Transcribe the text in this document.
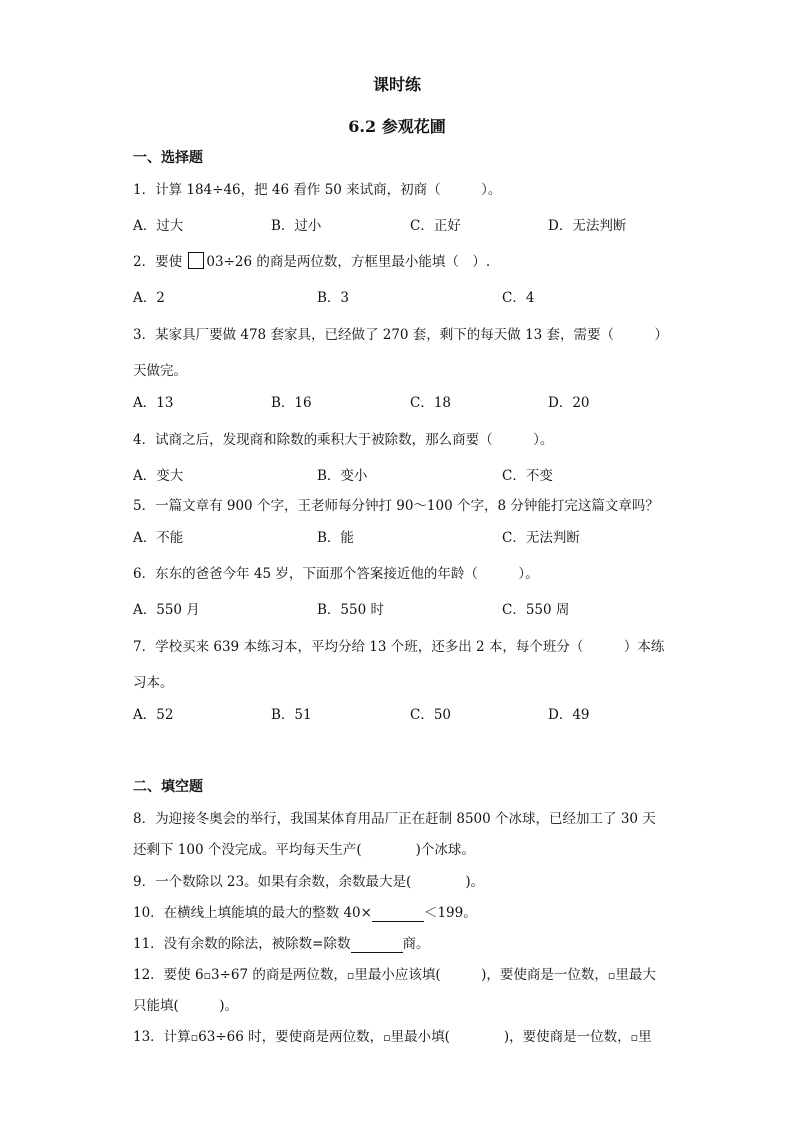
课时练
6.2 参观花圃
一、选择题
1．计算 184÷46，把 46 看作 50 来试商，初商（　　　）。
A．过大	B．过小	C．正好	D．无法判断
2．要使 03÷26 的商是两位数，方框里最小能填（　）.
A．2	B．3	C．4
3．某家具厂要做 478 套家具，已经做了 270 套，剩下的每天做 13 套，需要（　　　）
天做完。
A．13	B．16	C．18	D．20
4．试商之后，发现商和除数的乘积大于被除数，那么商要（　　　）。
A．变大	B．变小	C．不变
5．一篇文章有 900 个字，王老师每分钟打 90～100 个字，8 分钟能打完这篇文章吗？
A．不能	B．能	C．无法判断
6．东东的爸爸今年 45 岁，下面那个答案接近他的年龄（　　　）。
A．550 月	B．550 时	C．550 周
7．学校买来 639 本练习本，平均分给 13 个班，还多出 2 本，每个班分（　　　）本练
习本。
A．52	B．51	C．50	D．49
二、填空题
8．为迎接冬奥会的举行，我国某体育用品厂正在赶制 8500 个冰球，已经加工了 30 天
还剩下 100 个没完成。平均每天生产(　　　　)个冰球。
9．一个数除以 23。如果有余数，余数最大是(　　　　)。
10．在横线上填能填的最大的整数 40×	＜199。
11．没有余数的除法，被除数=除数	商。
12．要使 6▫3÷67 的商是两位数，▫里最小应该填(　　　)，要使商是一位数，▫里最大
只能填(　　　)。
13．计算▫63÷66 时，要使商是两位数，▫里最小填(　　　　)，要使商是一位数，▫里
